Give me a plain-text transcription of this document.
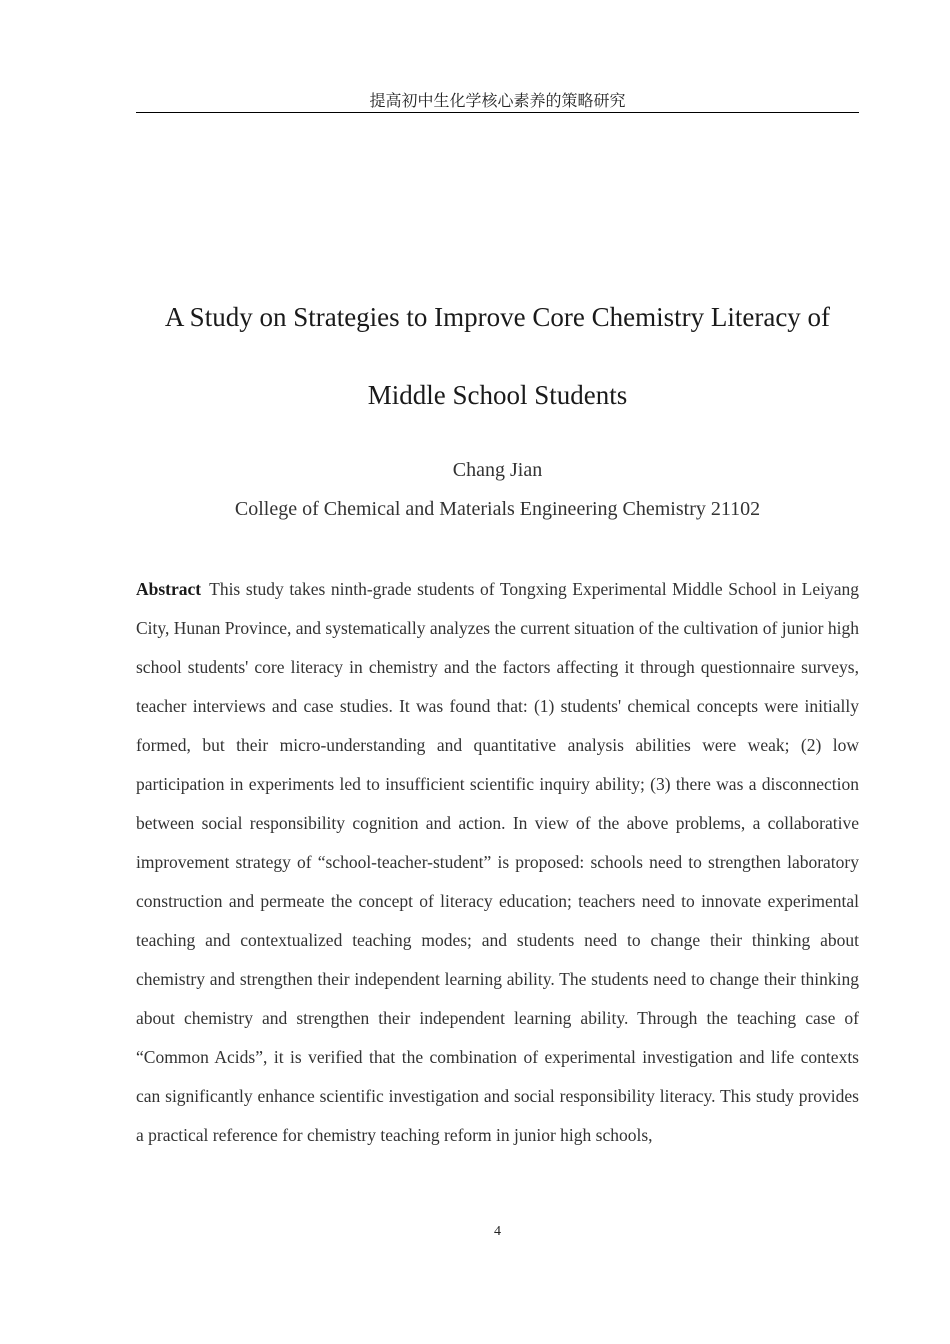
提高初中生化学核心素养的策略研究
A Study on Strategies to Improve Core Chemistry Literacy of
Middle School Students
Chang Jian
College of Chemical and Materials Engineering Chemistry 21102
Abstract This study takes ninth-grade students of Tongxing Experimental Middle School in Leiyang City, Hunan Province, and systematically analyzes the current situation of the cultivation of junior high school students' core literacy in chemistry and the factors affecting it through questionnaire surveys, teacher interviews and case studies. It was found that: (1) students' chemical concepts were initially formed, but their micro-understanding and quantitative analysis abilities were weak; (2) low participation in experiments led to insufficient scientific inquiry ability; (3) there was a disconnection between social responsibility cognition and action. In view of the above problems, a collaborative improvement strategy of “school-teacher-student” is proposed: schools need to strengthen laboratory construction and permeate the concept of literacy education; teachers need to innovate experimental teaching and contextualized teaching modes; and students need to change their thinking about chemistry and strengthen their independent learning ability. The students need to change their thinking about chemistry and strengthen their independent learning ability. Through the teaching case of “Common Acids”, it is verified that the combination of experimental investigation and life contexts can significantly enhance scientific investigation and social responsibility literacy. This study provides a practical reference for chemistry teaching reform in junior high schools,
4
